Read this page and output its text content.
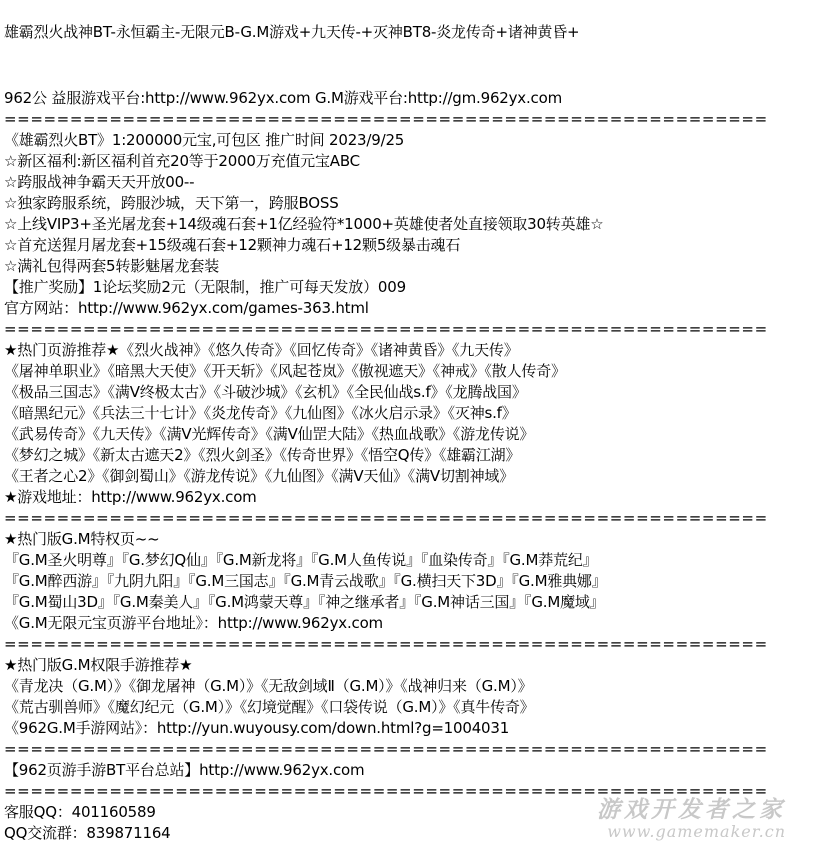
雄霸烈火战神BT-永恒霸主-无限元B-G.M游戏+九天传-+灭神BT8-炎龙传奇+诸神黄昏+
962公 益服游戏平台:http://www.962yx.com G.M游戏平台:http://gm.962yx.com
==========================================================
《雄霸烈火BT》1:200000元宝,可包区 推广时间 2023/9/25
☆新区福利:新区福利首充20等于2000万充值元宝ABC
☆跨服战神争霸天天开放00--
☆独家跨服系统，跨服沙城，天下第一，跨服BOSS
☆上线VIP3+圣光屠龙套+14级魂石套+1亿经验符*1000+英雄使者处直接领取30转英雄☆
☆首充送猩月屠龙套+15级魂石套+12颗神力魂石+12颗5级暴击魂石
☆满礼包得两套5转影魅屠龙套装
【推广奖励】1论坛奖励2元（无限制，推广可每天发放）009
官方网站：http://www.962yx.com/games-363.html
==========================================================
★热门页游推荐★《烈火战神》《悠久传奇》《回忆传奇》《诸神黄昏》《九天传》
《屠神单职业》《暗黑大天使》《开天斩》《风起苍岚》《傲视遮天》《神戒》《散人传奇》
《极品三国志》《满V终极太古》《斗破沙城》《玄机》《全民仙战s.f》《龙腾战国》
《暗黑纪元》《兵法三十七计》《炎龙传奇》《九仙图》《冰火启示录》《灭神s.f》
《武易传奇》《九天传》《满V光辉传奇》《满V仙罡大陆》《热血战歌》《游龙传说》
《梦幻之城》《新太古遮天2》《烈火剑圣》《传奇世界》《悟空Q传》《雄霸江湖》
《王者之心2》《御剑蜀山》《游龙传说》《九仙图》《满V天仙》《满V切割神域》
★游戏地址：http://www.962yx.com
==========================================================
★热门版G.M特权页~~
『G.M圣火明尊』『G.梦幻Q仙』『G.M新龙将』『G.M人鱼传说』『血染传奇』『G.M莽荒纪』
『G.M醉西游』『九阴九阳』『G.M三国志』『G.M青云战歌』『G.横扫天下3D』『G.M雅典娜』
『G.M蜀山3D』『G.M秦美人』『G.M鸿蒙天尊』『神之继承者』『G.M神话三国』『G.M魔域』
《G.M无限元宝页游平台地址》：http://www.962yx.com
==========================================================
★热门版G.M权限手游推荐★
《青龙决（G.M）》《御龙屠神（G.M）》《无敌剑域Ⅱ（G.M）》《战神归来（G.M）》
《荒古驯兽师》《魔幻纪元（G.M）》《幻境觉醒》《口袋传说（G.M）》《真牛传奇》
《962G.M手游网站》：http://yun.wuyousy.com/down.html?g=1004031
==========================================================
【962页游手游BT平台总站】http://www.962yx.com
==========================================================
客服QQ：401160589
QQ交流群：839871164
游戏开发者之家
www.gamemaker.cn
